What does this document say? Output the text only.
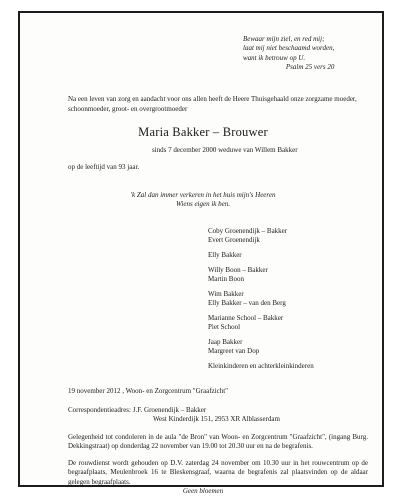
Bewaar mijn ziel, en red mij;
laat mij niet beschaamd worden,
want ik betrouw op U.
Psalm 25 vers 20
Na een leven van zorg en aandacht voor ons allen heeft de Heere Thuisgehaald onze zorgzame moeder, schoonmoeder, groot- en overgrootmoeder
Maria Bakker – Brouwer
sinds 7 december 2000 weduwe van Willem Bakker
op de leeftijd van 93 jaar.
'k Zal dan immer verkeren in het huis mijn's Heeren
Wiens eigen ik ben.
Coby Groenendijk – Bakker
Evert Groenendijk
Elly Bakker
Willy Boon – Bakker
Martin Boon
Wim Bakker
Elly Bakker – van den Berg
Marianne School – Bakker
Piet School
Jaap Bakker
Margreet van Dop
Kleinkinderen en achterkleinkinderen
19 november 2012 , Woon- en Zorgcentrum "Graafzicht"
Correspondentieadres: J.F. Groenendijk – Bakker
West Kinderdijk 151, 2953 XR Alblasserdam
Gelegenheid tot condoleren in de aula "de Bron" van Woon- en Zorgcentrum "Graafzicht", (ingang Burg. Dekkingstraat) op donderdag 22 november van 19.00 tot 20.30 uur en na de begrafenis.
De rouwdienst wordt gehouden op D.V. zaterdag 24 november om 10.30 uur in het rouwcentrum op de begraafplaats, Meulenbroek 16 te Bleskensgraaf, waarna de begrafenis zal plaatsvinden op de aldaar gelegen begraafplaats.
Geen bloemen
